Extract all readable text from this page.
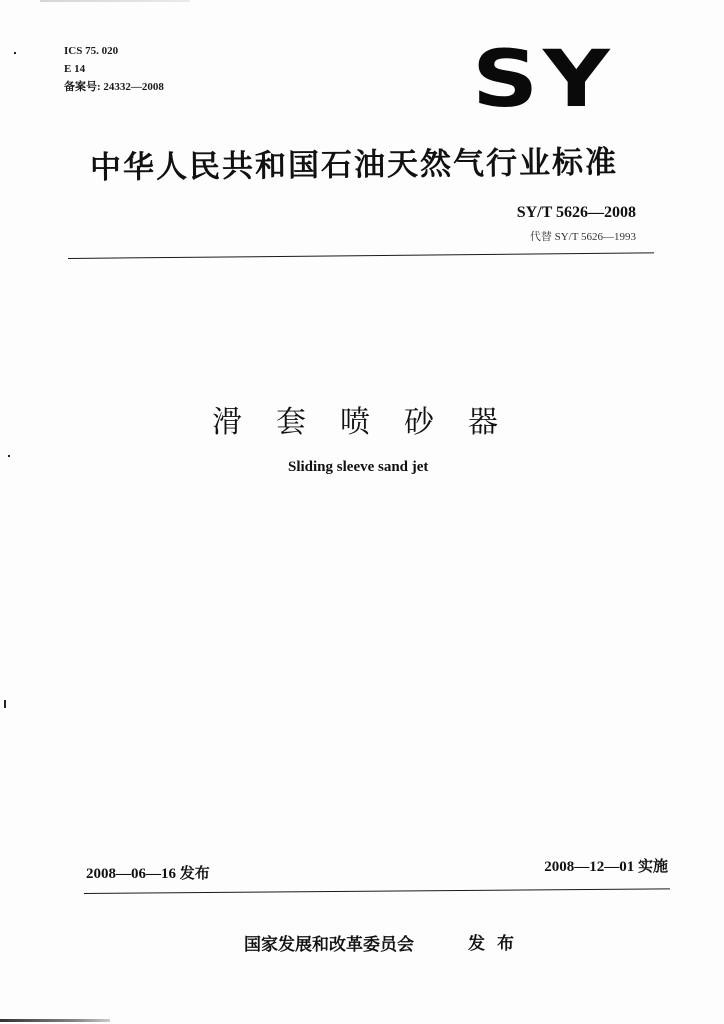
ICS 75. 020
E 14
备案号: 24332—2008	SY
中华人民共和国石油天然气行业标准
SY/T 5626—2008
代替 SY/T 5626—1993
滑套喷砂器
Sliding sleeve sand jet
2008—06—16 发布	2008—12—01 实施
国家发展和改革委员会	发布
